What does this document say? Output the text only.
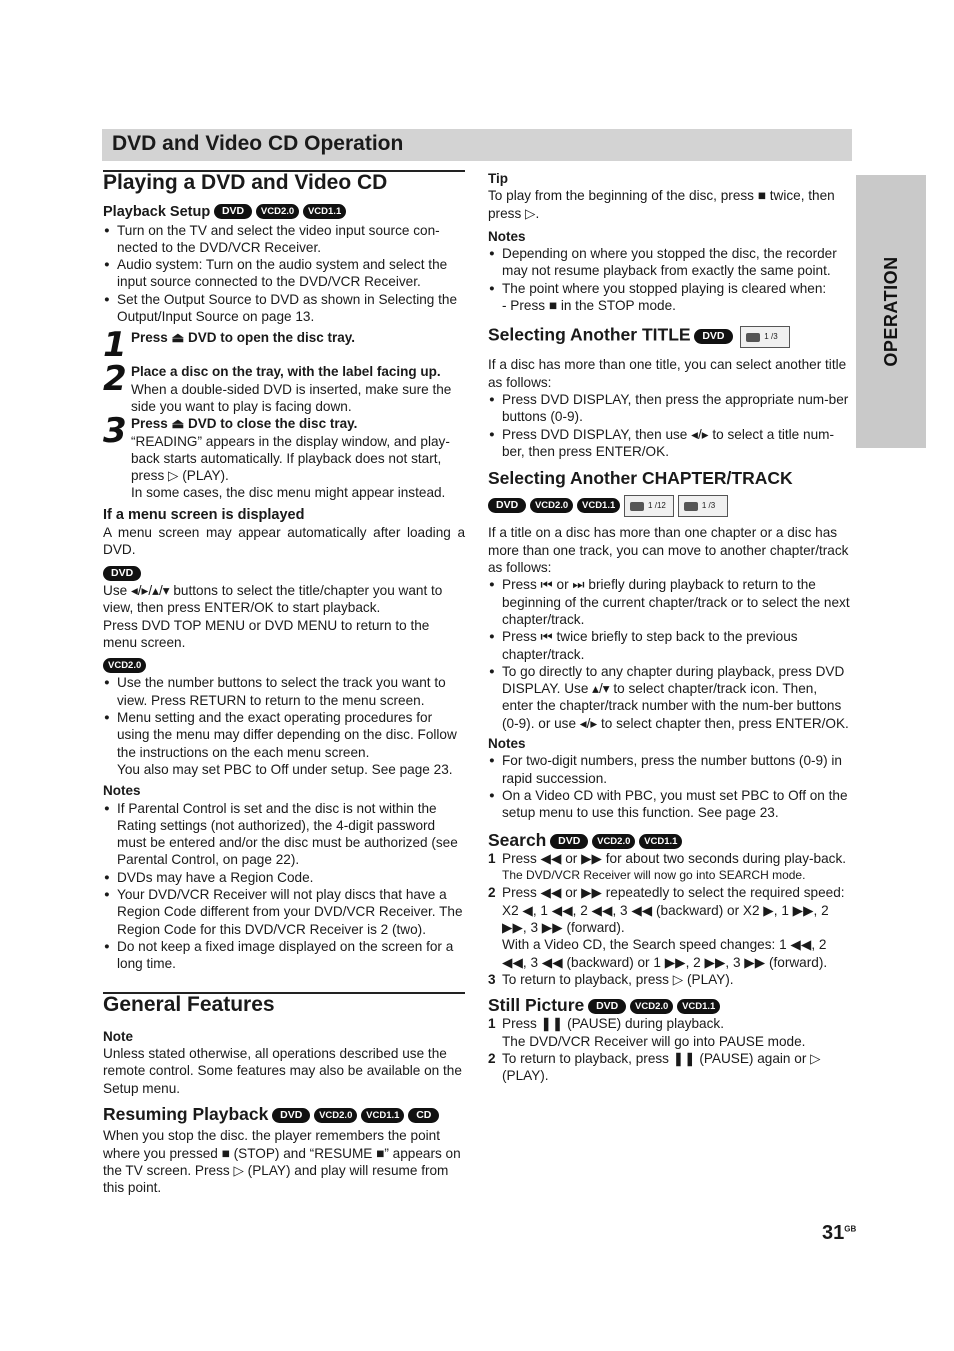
DVD and Video CD Operation
OPERATION
Playing a DVD and Video CD
Playback Setup DVD VCD2.0 VCD1.1
● Turn on the TV and select the video input source con-nected to the DVD/VCR Receiver.
● Audio system: Turn on the audio system and select the input source connected to the DVD/VCR Receiver.
● Set the Output Source to DVD as shown in Selecting the Output/Input Source on page 13.
1 Press ⏏ DVD to open the disc tray.
2 Place a disc on the tray, with the label facing up.
When a double-sided DVD is inserted, make sure the side you want to play is facing down.
3 Press ⏏ DVD to close the disc tray.
“READING” appears in the display window, and play-back starts automatically. If playback does not start, press ▷ (PLAY).
In some cases, the disc menu might appear instead.
If a menu screen is displayed

A menu screen may appear automatically after loading a DVD.

DVD

Use ◂/▸/▴/▾ buttons to select the title/chapter you want to view, then press ENTER/OK to start playback.

Press DVD TOP MENU or DVD MENU to return to the menu screen.

VCD2.0
● Use the number buttons to select the track you want to view. Press RETURN to return to the menu screen.
● Menu setting and the exact operating procedures for using the menu may differ depending on the disc. Follow the instructions on the each menu screen.

You also may set PBC to Off under setup. See page 23.

Notes
● If Parental Control is set and the disc is not within the Rating settings (not authorized), the 4-digit password must be entered and/or the disc must be authorized (see Parental Control, on page 22).
● DVDs may have a Region Code.
● Your DVD/VCR Receiver will not play discs that have a Region Code different from your DVD/VCR Receiver. The Region Code for this DVD/VCR Receiver is 2 (two).
● Do not keep a fixed image displayed on the screen for a long time.
General Features
Note

Unless stated otherwise, all operations described use the remote control. Some features may also be available on the Setup menu.

Resuming Playback DVD VCD2.0 VCD1.1 CD

When you stop the disc. the player remembers the point where you pressed ■ (STOP) and “RESUME ■” appears on the TV screen. Press ▷ (PLAY) and play will resume from this point.

Tip

To play from the beginning of the disc, press ■ twice, then press ▷.

Notes
● Depending on where you stopped the disc, the recorder may not resume playback from exactly the same point.
● The point where you stopped playing is cleared when:

- Press ■ in the STOP mode.

Selecting Another TITLE DVD	1 /3

If a disc has more than one title, you can select another title as follows:

● Press DVD DISPLAY, then press the appropriate num-ber buttons (0-9).
● Press DVD DISPLAY, then use ◂/▸ to select a title num-ber, then press ENTER/OK.
Selecting Another CHAPTER/TRACK
DVD VCD2.0 VCD1.1	1 /12	1 /3

If a title on a disc has more than one chapter or a disc has more than one track, you can move to another chapter/track as follows:

● Press ⏮ or ⏭ briefly during playback to return to the beginning of the current chapter/track or to select the next chapter/track.
● Press ⏮ twice briefly to step back to the previous chapter/track.
● To go directly to any chapter during playback, press DVD DISPLAY. Use ▴/▾ to select chapter/track icon. Then, enter the chapter/track number with the num-ber buttons (0-9). or use ◂/▸ to select chapter then, press ENTER/OK.
Notes
● For two-digit numbers, press the number buttons (0-9) in rapid succession.
● On a Video CD with PBC, you must set PBC to Off on the setup menu to use this function. See page 23.
Search DVD VCD2.0 VCD1.1
1 Press ◀◀ or ▶▶ for about two seconds during play-back.
The DVD/VCR Receiver will now go into SEARCH mode.
2 Press ◀◀ or ▶▶ repeatedly to select the required speed: X2 ◀, 1 ◀◀, 2 ◀◀, 3 ◀◀ (backward) or X2 ▶, 1 ▶▶, 2 ▶▶, 3 ▶▶ (forward).
With a Video CD, the Search speed changes: 1 ◀◀, 2 ◀◀, 3 ◀◀ (backward) or 1 ▶▶, 2 ▶▶, 3 ▶▶ (forward).
3 To return to playback, press ▷ (PLAY).
Still Picture DVD VCD2.0 VCD1.1
1 Press ❚❚ (PAUSE) during playback.
The DVD/VCR Receiver will go into PAUSE mode.
2 To return to playback, press ❚❚ (PAUSE) again or ▷ (PLAY).
$31^{GB}$
